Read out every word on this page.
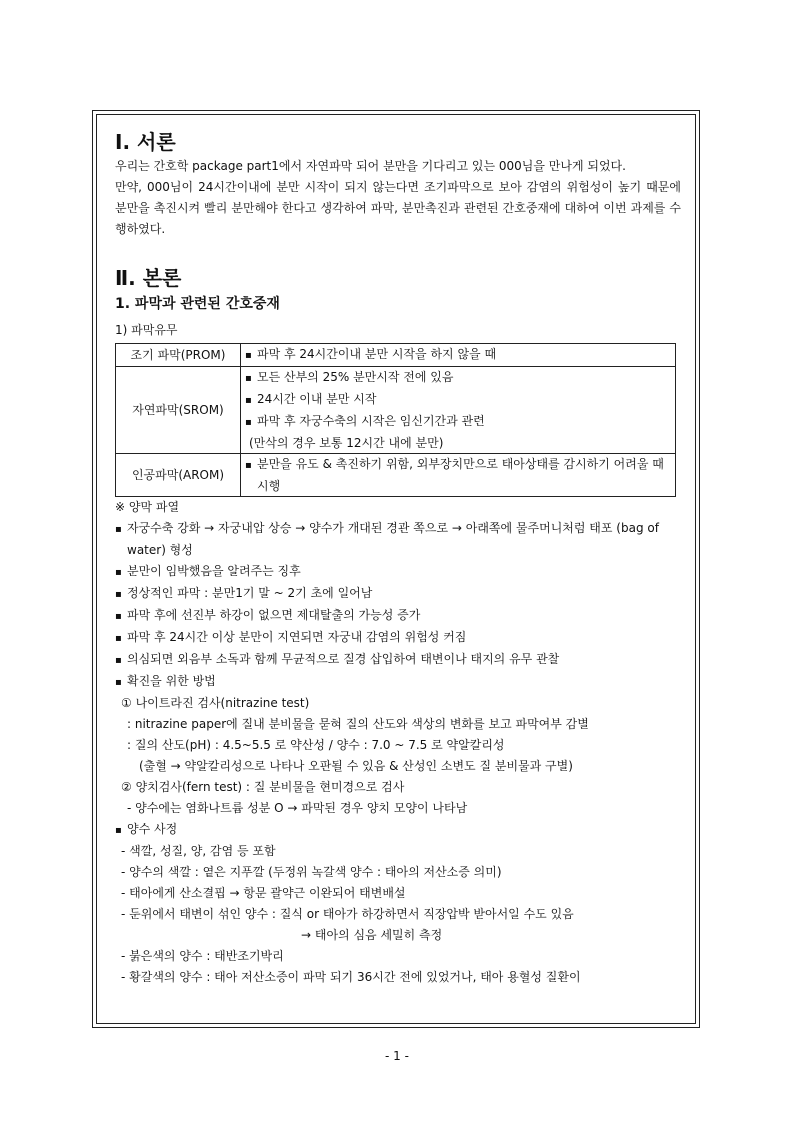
Ⅰ. 서론

우리는 간호학 package part1에서 자연파막 되어 분만을 기다리고 있는 000님을 만나게 되었다.

만약, 000님이 24시간이내에 분만 시작이 되지 않는다면 조기파막으로 보아 감염의 위험성이 높기 때문에 분만을 촉진시켜 빨리 분만해야 한다고 생각하여 파막, 분만촉진과 관련된 간호중재에 대하여 이번 과제를 수행하였다.

Ⅱ. 본론
1. 파막과 관련된 간호중재

1) 파막유무

조기 파막(PROM)	▪ 파막 후 24시간이내 분만 시작을 하지 않을 때

자연파막(SROM)	▪ 모든 산부의 25% 분만시작 전에 있음
▪ 24시간 이내 분만 시작
▪ 파막 후 자궁수축의 시작은 임신기간과 관련
(만삭의 경우 보통 12시간 내에 분만)

인공파막(AROM)	▪ 분만을 유도 & 촉진하기 위함, 외부장치만으로 태아상태를 감시하기 어려울 때 시행

※ 양막 파열

▪ 자궁수축 강화 → 자궁내압 상승 → 양수가 개대된 경관 쪽으로 → 아래쪽에 물주머니처럼 태포 (bag of water) 형성
▪ 분만이 임박했음을 알려주는 징후
▪ 정상적인 파막 : 분만1기 말 ~ 2기 초에 일어남
▪ 파막 후에 선진부 하강이 없으면 제대탈출의 가능성 증가
▪ 파막 후 24시간 이상 분만이 지연되면 자궁내 감염의 위험성 커짐
▪ 의심되면 외음부 소독과 함께 무균적으로 질경 삽입하여 태변이나 태지의 유무 관찰
▪ 확진을 위한 방법
① 나이트라진 검사(nitrazine test)
: nitrazine paper에 질내 분비물을 묻혀 질의 산도와 색상의 변화를 보고 파막여부 감별
: 질의 산도(pH) : 4.5~5.5 로 약산성 / 양수 : 7.0 ~ 7.5 로 약알칼리성
(출혈 → 약알칼리성으로 나타나 오판될 수 있음 & 산성인 소변도 질 분비물과 구별)
② 양치검사(fern test) : 질 분비물을 현미경으로 검사
- 양수에는 염화나트륨 성분 O → 파막된 경우 양치 모양이 나타남
▪ 양수 사정
- 색깔, 성질, 양, 감염 등 포함
- 양수의 색깔 : 옅은 지푸깔 (두정위 녹갈색 양수 : 태아의 저산소증 의미)
- 태아에게 산소결핍 → 항문 괄약근 이완되어 태변배설
- 둔위에서 태변이 섞인 양수 : 질식 or 태아가 하강하면서 직장압박 받아서일 수도 있음
→ 태아의 심음 세밀히 측정
- 붉은색의 양수 : 태반조기박리
- 황갈색의 양수 : 태아 저산소증이 파막 되기 36시간 전에 있었거나, 태아 용혈성 질환이
- 1 -
